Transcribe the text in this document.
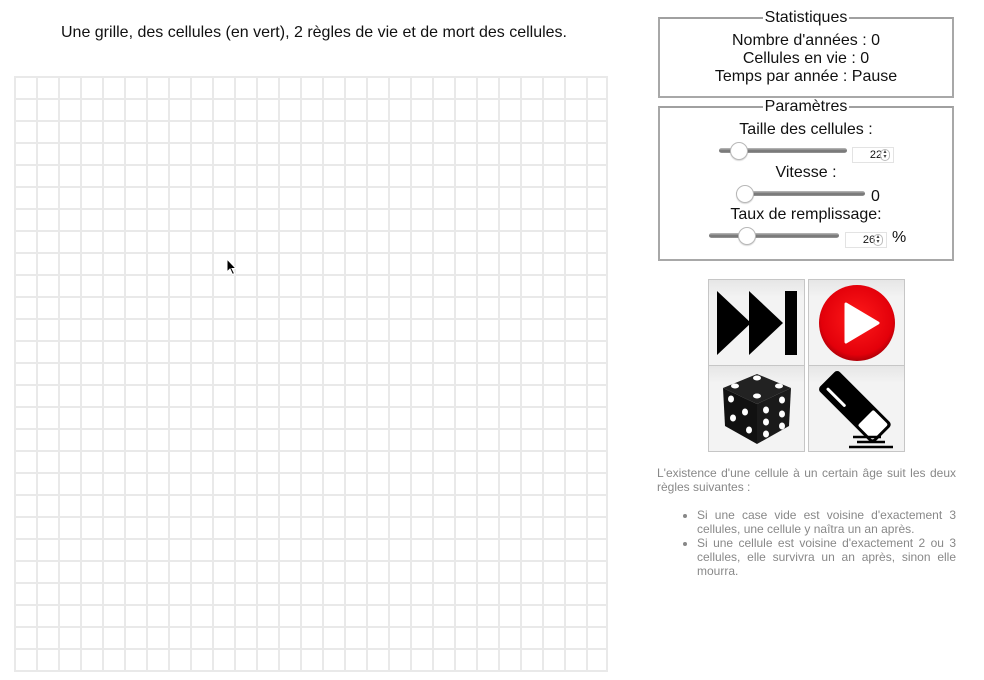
Une grille, des cellules (en vert), 2 règles de vie et de mort des cellules.
Statistiques
Nombre d'années : 0
Cellules en vie : 0
Temps par année : Pause
Paramètres
Taille des cellules :
22 ▴
▾
Vitesse :
0
Taux de remplissage:
26 ▴
▾ %

L'existence d'une cellule à un certain âge suit les deux règles suivantes :

• Si une case vide est voisine d'exactement 3 cellules, une cellule y naîtra un an après.
• Si une cellule est voisine d'exactement 2 ou 3 cellules, elle survivra un an après, sinon elle mourra.
